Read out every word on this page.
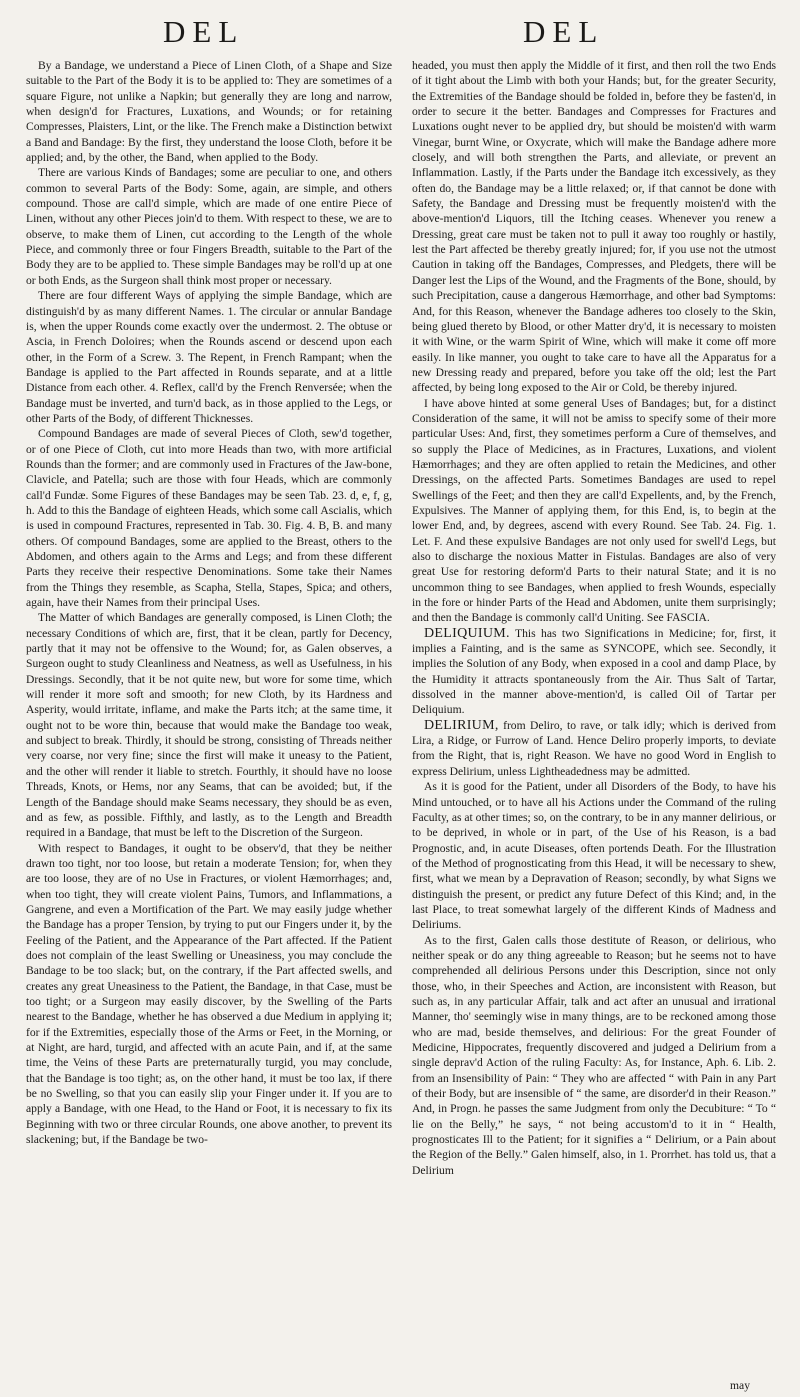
DEL	DEL

By a Bandage, we understand a Piece of Linen Cloth, of a Shape and Size suitable to the Part of the Body it is to be applied to: They are sometimes of a square Figure, not unlike a Napkin; but generally they are long and narrow, when design'd for Fractures, Luxations, and Wounds; or for retaining Compresses, Plaisters, Lint, or the like. The French make a Distinction betwixt a Band and Bandage: By the first, they understand the loose Cloth, before it be applied; and, by the other, the Band, when applied to the Body.

There are various Kinds of Bandages; some are peculiar to one, and others common to several Parts of the Body: Some, again, are simple, and others compound. Those are call'd simple, which are made of one entire Piece of Linen, without any other Pieces join'd to them. With respect to these, we are to observe, to make them of Linen, cut according to the Length of the whole Piece, and commonly three or four Fingers Breadth, suitable to the Part of the Body they are to be applied to. These simple Bandages may be roll'd up at one or both Ends, as the Surgeon shall think most proper or necessary.

There are four different Ways of applying the simple Bandage, which are distinguish'd by as many different Names. 1. The circular or annular Bandage is, when the upper Rounds come exactly over the undermost. 2. The obtuse or Ascia, in French Doloires; when the Rounds ascend or descend upon each other, in the Form of a Screw. 3. The Repent, in French Rampant; when the Bandage is applied to the Part affected in Rounds separate, and at a little Distance from each other. 4. Reflex, call'd by the French Renversée; when the Bandage must be inverted, and turn'd back, as in those applied to the Legs, or other Parts of the Body, of different Thicknesses.

Compound Bandages are made of several Pieces of Cloth, sew'd together, or of one Piece of Cloth, cut into more Heads than two, with more artificial Rounds than the former; and are commonly used in Fractures of the Jaw-bone, Clavicle, and Patella; such are those with four Heads, which are commonly call'd Fundæ. Some Figures of these Bandages may be seen Tab. 23. d, e, f, g, h. Add to this the Bandage of eighteen Heads, which some call Ascialis, which is used in compound Fractures, represented in Tab. 30. Fig. 4. B, B. and many others. Of compound Bandages, some are applied to the Breast, others to the Abdomen, and others again to the Arms and Legs; and from these different Parts they receive their respective Denominations. Some take their Names from the Things they resemble, as Scapha, Stella, Stapes, Spica; and others, again, have their Names from their principal Uses.

The Matter of which Bandages are generally composed, is Linen Cloth; the necessary Conditions of which are, first, that it be clean, partly for Decency, partly that it may not be offensive to the Wound; for, as Galen observes, a Surgeon ought to study Cleanliness and Neatness, as well as Usefulness, in his Dressings. Secondly, that it be not quite new, but wore for some time, which will render it more soft and smooth; for new Cloth, by its Hardness and Asperity, would irritate, inflame, and make the Parts itch; at the same time, it ought not to be wore thin, because that would make the Bandage too weak, and subject to break. Thirdly, it should be strong, consisting of Threads neither very coarse, nor very fine; since the first will make it uneasy to the Patient, and the other will render it liable to stretch. Fourthly, it should have no loose Threads, Knots, or Hems, nor any Seams, that can be avoided; but, if the Length of the Bandage should make Seams necessary, they should be as even, and as few, as possible. Fifthly, and lastly, as to the Length and Breadth required in a Bandage, that must be left to the Discretion of the Surgeon.

With respect to Bandages, it ought to be observ'd, that they be neither drawn too tight, nor too loose, but retain a moderate Tension; for, when they are too loose, they are of no Use in Fractures, or violent Hæmorrhages; and, when too tight, they will create violent Pains, Tumors, and Inflammations, a Gangrene, and even a Mortification of the Part. We may easily judge whether the Bandage has a proper Tension, by trying to put our Fingers under it, by the Feeling of the Patient, and the Appearance of the Part affected. If the Patient does not complain of the least Swelling or Uneasiness, you may conclude the Bandage to be too slack; but, on the contrary, if the Part affected swells, and creates any great Uneasiness to the Patient, the Bandage, in that Case, must be too tight; or a Surgeon may easily discover, by the Swelling of the Parts nearest to the Bandage, whether he has observed a due Medium in applying it; for if the Extremities, especially those of the Arms or Feet, in the Morning, or at Night, are hard, turgid, and affected with an acute Pain, and if, at the same time, the Veins of these Parts are preternaturally turgid, you may conclude, that the Bandage is too tight; as, on the other hand, it must be too lax, if there be no Swelling, so that you can easily slip your Finger under it. If you are to apply a Bandage, with one Head, to the Hand or Foot, it is necessary to fix its Beginning with two or three circular Rounds, one above another, to prevent its slackening; but, if the Bandage be two-

headed, you must then apply the Middle of it first, and then roll the two Ends of it tight about the Limb with both your Hands; but, for the greater Security, the Extremities of the Bandage should be folded in, before they be fasten'd, in order to secure it the better. Bandages and Compresses for Fractures and Luxations ought never to be applied dry, but should be moisten'd with warm Vinegar, burnt Wine, or Oxycrate, which will make the Bandage adhere more closely, and will both strengthen the Parts, and alleviate, or prevent an Inflammation. Lastly, if the Parts under the Bandage itch excessively, as they often do, the Bandage may be a little relaxed; or, if that cannot be done with Safety, the Bandage and Dressing must be frequently moisten'd with the above-mention'd Liquors, till the Itching ceases. Whenever you renew a Dressing, great care must be taken not to pull it away too roughly or hastily, lest the Part affected be thereby greatly injured; for, if you use not the utmost Caution in taking off the Bandages, Compresses, and Pledgets, there will be Danger lest the Lips of the Wound, and the Fragments of the Bone, should, by such Precipitation, cause a dangerous Hæmorrhage, and other bad Symptoms: And, for this Reason, whenever the Bandage adheres too closely to the Skin, being glued thereto by Blood, or other Matter dry'd, it is necessary to moisten it with Wine, or the warm Spirit of Wine, which will make it come off more easily. In like manner, you ought to take care to have all the Apparatus for a new Dressing ready and prepared, before you take off the old; lest the Part affected, by being long exposed to the Air or Cold, be thereby injured.

I have above hinted at some general Uses of Bandages; but, for a distinct Consideration of the same, it will not be amiss to specify some of their more particular Uses: And, first, they sometimes perform a Cure of themselves, and so supply the Place of Medicines, as in Fractures, Luxations, and violent Hæmorrhages; and they are often applied to retain the Medicines, and other Dressings, on the affected Parts. Sometimes Bandages are used to repel Swellings of the Feet; and then they are call'd Expellents, and, by the French, Expulsives. The Manner of applying them, for this End, is, to begin at the lower End, and, by degrees, ascend with every Round. See Tab. 24. Fig. 1. Let. F. And these expulsive Bandages are not only used for swell'd Legs, but also to discharge the noxious Matter in Fistulas. Bandages are also of very great Use for restoring deform'd Parts to their natural State; and it is no uncommon thing to see Bandages, when applied to fresh Wounds, especially in the fore or hinder Parts of the Head and Abdomen, unite them surprisingly; and then the Bandage is commonly call'd Uniting. See FASCIA.

DELIQUIUM. This has two Significations in Medicine; for, first, it implies a Fainting, and is the same as SYNCOPE, which see. Secondly, it implies the Solution of any Body, when exposed in a cool and damp Place, by the Humidity it attracts spontaneously from the Air. Thus Salt of Tartar, dissolved in the manner above-mention'd, is called Oil of Tartar per Deliquium.

DELIRIUM, from Deliro, to rave, or talk idly; which is derived from Lira, a Ridge, or Furrow of Land. Hence Deliro properly imports, to deviate from the Right, that is, right Reason. We have no good Word in English to express Delirium, unless Lightheadedness may be admitted.

As it is good for the Patient, under all Disorders of the Body, to have his Mind untouched, or to have all his Actions under the Command of the ruling Faculty, as at other times; so, on the contrary, to be in any manner delirious, or to be deprived, in whole or in part, of the Use of his Reason, is a bad Prognostic, and, in acute Diseases, often portends Death. For the Illustration of the Method of prognosticating from this Head, it will be necessary to shew, first, what we mean by a Depravation of Reason; secondly, by what Signs we distinguish the present, or predict any future Defect of this Kind; and, in the last Place, to treat somewhat largely of the different Kinds of Madness and Deliriums.

As to the first, Galen calls those destitute of Reason, or delirious, who neither speak or do any thing agreeable to Reason; but he seems not to have comprehended all delirious Persons under this Description, since not only those, who, in their Speeches and Action, are inconsistent with Reason, but such as, in any particular Affair, talk and act after an unusual and irrational Manner, tho' seemingly wise in many things, are to be reckoned among those who are mad, beside themselves, and delirious: For the great Founder of Medicine, Hippocrates, frequently discovered and judged a Delirium from a single deprav'd Action of the ruling Faculty: As, for Instance, Aph. 6. Lib. 2. from an Insensibility of Pain: “ They who are affected “ with Pain in any Part of their Body, but are insensible of “ the same, are disorder'd in their Reason.” And, in Progn. he passes the same Judgment from only the Decubiture: “ To “ lie on the Belly,” he says, “ not being accustom'd to it in “ Health, prognosticates Ill to the Patient; for it signifies a “ Delirium, or a Pain about the Region of the Belly.” Galen himself, also, in 1. Prorrhet. has told us, that a Delirium

may
